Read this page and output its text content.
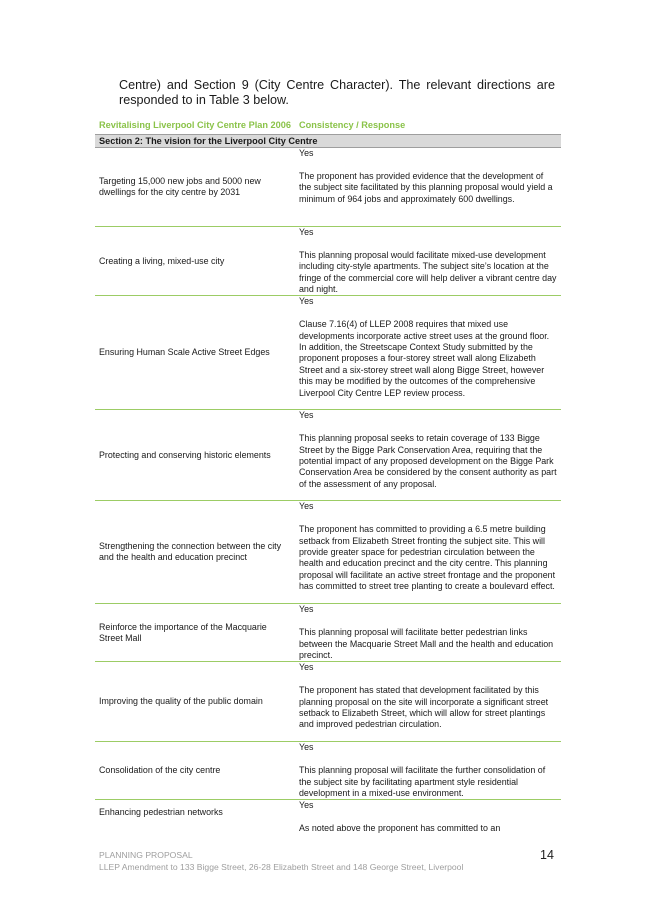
Centre) and Section 9 (City Centre Character). The relevant directions are
responded to in Table 3 below.
Revitalising Liverpool City Centre Plan 2006	Consistency / Response
Section 2: The vision for the Liverpool City Centre	
Targeting 15,000 new jobs and 5000 new dwellings for the city centre by 2031	Yes
The proponent has provided evidence that the development of the subject site facilitated by this planning proposal would yield a minimum of 964 jobs and approximately 600 dwellings.
Creating a living, mixed-use city	Yes
This planning proposal would facilitate mixed-use development including city-style apartments. The subject site’s location at the fringe of the commercial core will help deliver a vibrant centre day and night.
Ensuring Human Scale Active Street Edges	Yes
Clause 7.16(4) of LLEP 2008 requires that mixed use developments incorporate active street uses at the ground floor. In addition, the Streetscape Context Study submitted by the proponent proposes a four-storey street wall along Elizabeth Street and a six-storey street wall along Bigge Street, however this may be modified by the outcomes of the comprehensive Liverpool City Centre LEP review process.
Protecting and conserving historic elements	Yes
This planning proposal seeks to retain coverage of 133 Bigge Street by the Bigge Park Conservation Area, requiring that the potential impact of any proposed development on the Bigge Park Conservation Area be considered by the consent authority as part of the assessment of any proposal.
Strengthening the connection between the city and the health and education precinct	Yes
The proponent has committed to providing a 6.5 metre building setback from Elizabeth Street fronting the subject site. This will provide greater space for pedestrian circulation between the health and education precinct and the city centre. This planning proposal will facilitate an active street frontage and the proponent has committed to street tree planting to create a boulevard effect.
Reinforce the importance of the Macquarie Street Mall	Yes
This planning proposal will facilitate better pedestrian links between the Macquarie Street Mall and the health and education precinct.
Improving the quality of the public domain	Yes
The proponent has stated that development facilitated by this planning proposal on the site will incorporate a significant street setback to Elizabeth Street, which will allow for street plantings and improved pedestrian circulation.
Consolidation of the city centre	Yes
This planning proposal will facilitate the further consolidation of the subject site by facilitating apartment style residential development in a mixed-use environment.
Enhancing pedestrian networks	Yes
As noted above the proponent has committed to an
PLANNING PROPOSAL
LLEP Amendment to 133 Bigge Street, 26-28 Elizabeth Street and 148 George Street, Liverpool
14
